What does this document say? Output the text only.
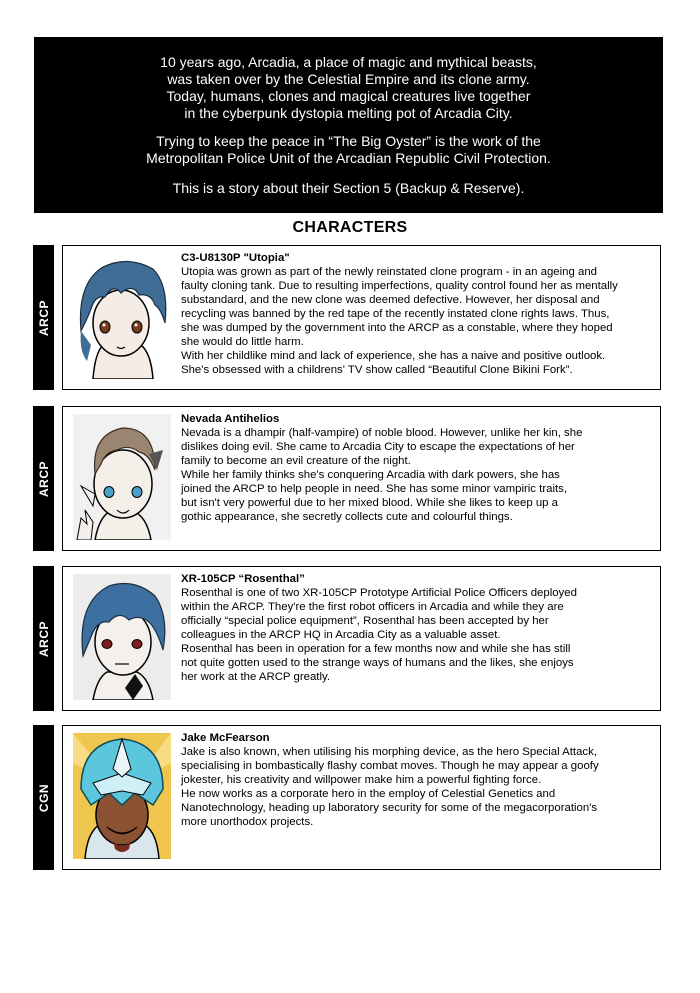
10 years ago, Arcadia, a place of magic and mythical beasts,
was taken over by the Celestial Empire and its clone army.
Today, humans, clones and magical creatures live together
in the cyberpunk dystopia melting pot of Arcadia City.
Trying to keep the peace in “The Big Oyster” is the work of the
Metropolitan Police Unit of the Arcadian Republic Civil Protection.
This is a story about their Section 5 (Backup & Reserve).
CHARACTERS
ARCP
C3-U8130P "Utopia"
Utopia was grown as part of the newly reinstated clone program - in an ageing and
faulty cloning tank. Due to resulting imperfections, quality control found her as mentally
substandard, and the new clone was deemed defective. However, her disposal and
recycling was banned by the red tape of the recently instated clone rights laws. Thus,
she was dumped by the government into the ARCP as a constable, where they hoped
she would do little harm.
With her childlike mind and lack of experience, she has a naive and positive outlook.
She's obsessed with a childrens' TV show called “Beautiful Clone Bikini Fork”.
ARCP
Nevada Antihelios
Nevada is a dhampir (half-vampire) of noble blood. However, unlike her kin, she
dislikes doing evil. She came to Arcadia City to escape the expectations of her
family to become an evil creature of the night.
While her family thinks she's conquering Arcadia with dark powers, she has
joined the ARCP to help people in need. She has some minor vampiric traits,
but isn't very powerful due to her mixed blood. While she likes to keep up a
gothic appearance, she secretly collects cute and colourful things.
ARCP
XR-105CP “Rosenthal”
Rosenthal is one of two XR-105CP Prototype Artificial Police Officers deployed
within the ARCP. They're the first robot officers in Arcadia and while they are
officially “special police equipment”, Rosenthal has been accepted by her
colleagues in the ARCP HQ in Arcadia City as a valuable asset.
Rosenthal has been in operation for a few months now and while she has still
not quite gotten used to the strange ways of humans and the likes, she enjoys
her work at the ARCP greatly.
CGN
Jake McFearson
Jake is also known, when utilising his morphing device, as the hero Special Attack,
specialising in bombastically flashy combat moves. Though he may appear a goofy
jokester, his creativity and willpower make him a powerful fighting force.
He now works as a corporate hero in the employ of Celestial Genetics and
Nanotechnology, heading up laboratory security for some of the megacorporation's
more unorthodox projects.
